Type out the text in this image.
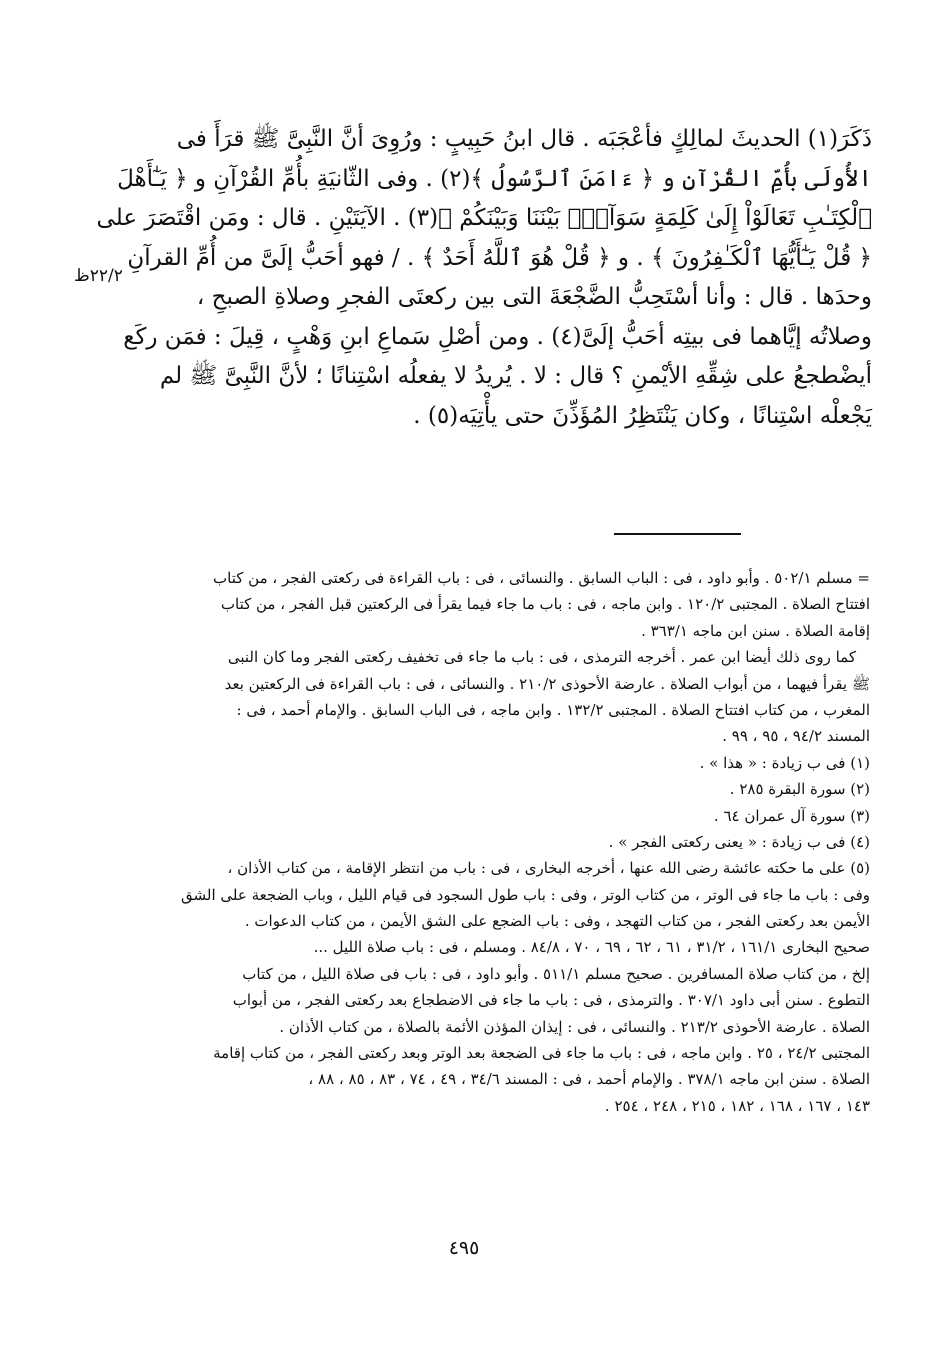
ذَكَرَ(١) الحديثَ لمالِكٍ فأعْجَبَه . قال ابنُ حَبِيبٍ : ورُوِىَ أنَّ النَّبِىَّ ﷺ قرَأَ فى
الأُولَى بأُمِّ القُرْآنِ و ﴿ ءَامَنَ ٱلرَّسُولُ ﴾(٢) . وفى الثّانيَةِ بأُمِّ القُرْآنِ و ﴿ يَـٰٓأَهْلَ
ٱلْكِتَـٰبِ تَعَالَوْاْ إِلَىٰ كَلِمَةٍ سَوَآءِۭ بَيْنَنَا وَبَيْنَكُمْ ﴾(٣) . الآيَتَيْنِ . قال : ومَن اقْتَصَرَ على
﴿ قُلْ يَـٰٓأَيُّهَا ٱلْكَـٰفِرُونَ ﴾ . و ﴿ قُلْ هُوَ ٱللَّهُ أَحَدٌ ﴾ . / فهو أحَبُّ إلَىَّ من أُمِّ القرآنِ
وحدَها . قال : وأنا أسْتَحِبُّ الضَّجْعَةَ التى بين ركعتَى الفجرِ وصلاةِ الصبحِ ،
وصلاتُه إيَّاهما فى بيتِه أحَبُّ إلَىَّ(٤) . ومن أصْلِ سَماعِ ابنِ وَهْبٍ ، قِيلَ : فمَن ركَع
أيضْطجعُ على شِقِّهِ الأيْمنِ ؟ قال : لا . يُريدُ لا يفعلُه اسْتِنانًا ؛ لأنَّ النَّبِىَّ ﷺ لم
يَجْعلْه اسْتِنانًا ، وكان يَنْتَظِرُ المُؤَذِّنَ حتى يأْتِيَه(٥) .
٢٢/٢ظ
= مسلم ٥٠٢/١ . وأبو داود ، فى : الباب السابق . والنسائى ، فى : باب القراءة فى ركعتى الفجر ، من كتاب
افتتاح الصلاة . المجتبى ١٢٠/٢ . وابن ماجه ، فى : باب ما جاء فيما يقرأ فى الركعتين قبل الفجر ، من كتاب
إقامة الصلاة . سنن ابن ماجه ٣٦٣/١ .
كما روى ذلك أيضا ابن عمر . أخرجه الترمذى ، فى : باب ما جاء فى تخفيف ركعتى الفجر وما كان النبى
ﷺ يقرأ فيهما ، من أبواب الصلاة . عارضة الأحوذى ٢١٠/٢ . والنسائى ، فى : باب القراءة فى الركعتين بعد
المغرب ، من كتاب افتتاح الصلاة . المجتبى ١٣٢/٢ . وابن ماجه ، فى الباب السابق . والإمام أحمد ، فى :
المسند ٩٤/٢ ، ٩٥ ، ٩٩ .
(١) فى ب زيادة : « هذا » .
(٢) سورة البقرة ٢٨٥ .
(٣) سورة آل عمران ٦٤ .
(٤) فى ب زيادة : « يعنى ركعتى الفجر » .
(٥) على ما حكته عائشة رضى الله عنها ، أخرجه البخارى ، فى : باب من انتظر الإقامة ، من كتاب الأذان ،
وفى : باب ما جاء فى الوتر ، من كتاب الوتر ، وفى : باب طول السجود فى قيام الليل ، وباب الضجعة على الشق
الأيمن بعد ركعتى الفجر ، من كتاب التهجد ، وفى : باب الضجع على الشق الأيمن ، من كتاب الدعوات .
صحيح البخارى ١٦١/١ ، ٣١/٢ ، ٦١ ، ٦٢ ، ٦٩ ، ٧٠ ، ٨٤/٨ . ومسلم ، فى : باب صلاة الليل ...
إلخ ، من كتاب صلاة المسافرين . صحيح مسلم ٥١١/١ . وأبو داود ، فى : باب فى صلاة الليل ، من كتاب
التطوع . سنن أبى داود ٣٠٧/١ . والترمذى ، فى : باب ما جاء فى الاضطجاع بعد ركعتى الفجر ، من أبواب
الصلاة . عارضة الأحوذى ٢١٣/٢ . والنسائى ، فى : إيذان المؤذن الأئمة بالصلاة ، من كتاب الأذان .
المجتبى ٢٤/٢ ، ٢٥ . وابن ماجه ، فى : باب ما جاء فى الضجعة بعد الوتر وبعد ركعتى الفجر ، من كتاب إقامة
الصلاة . سنن ابن ماجه ٣٧٨/١ . والإمام أحمد ، فى : المسند ٣٤/٦ ، ٤٩ ، ٧٤ ، ٨٣ ، ٨٥ ، ٨٨ ،
١٤٣ ، ١٦٧ ، ١٦٨ ، ١٨٢ ، ٢١٥ ، ٢٤٨ ، ٢٥٤ .
٤٩٥
